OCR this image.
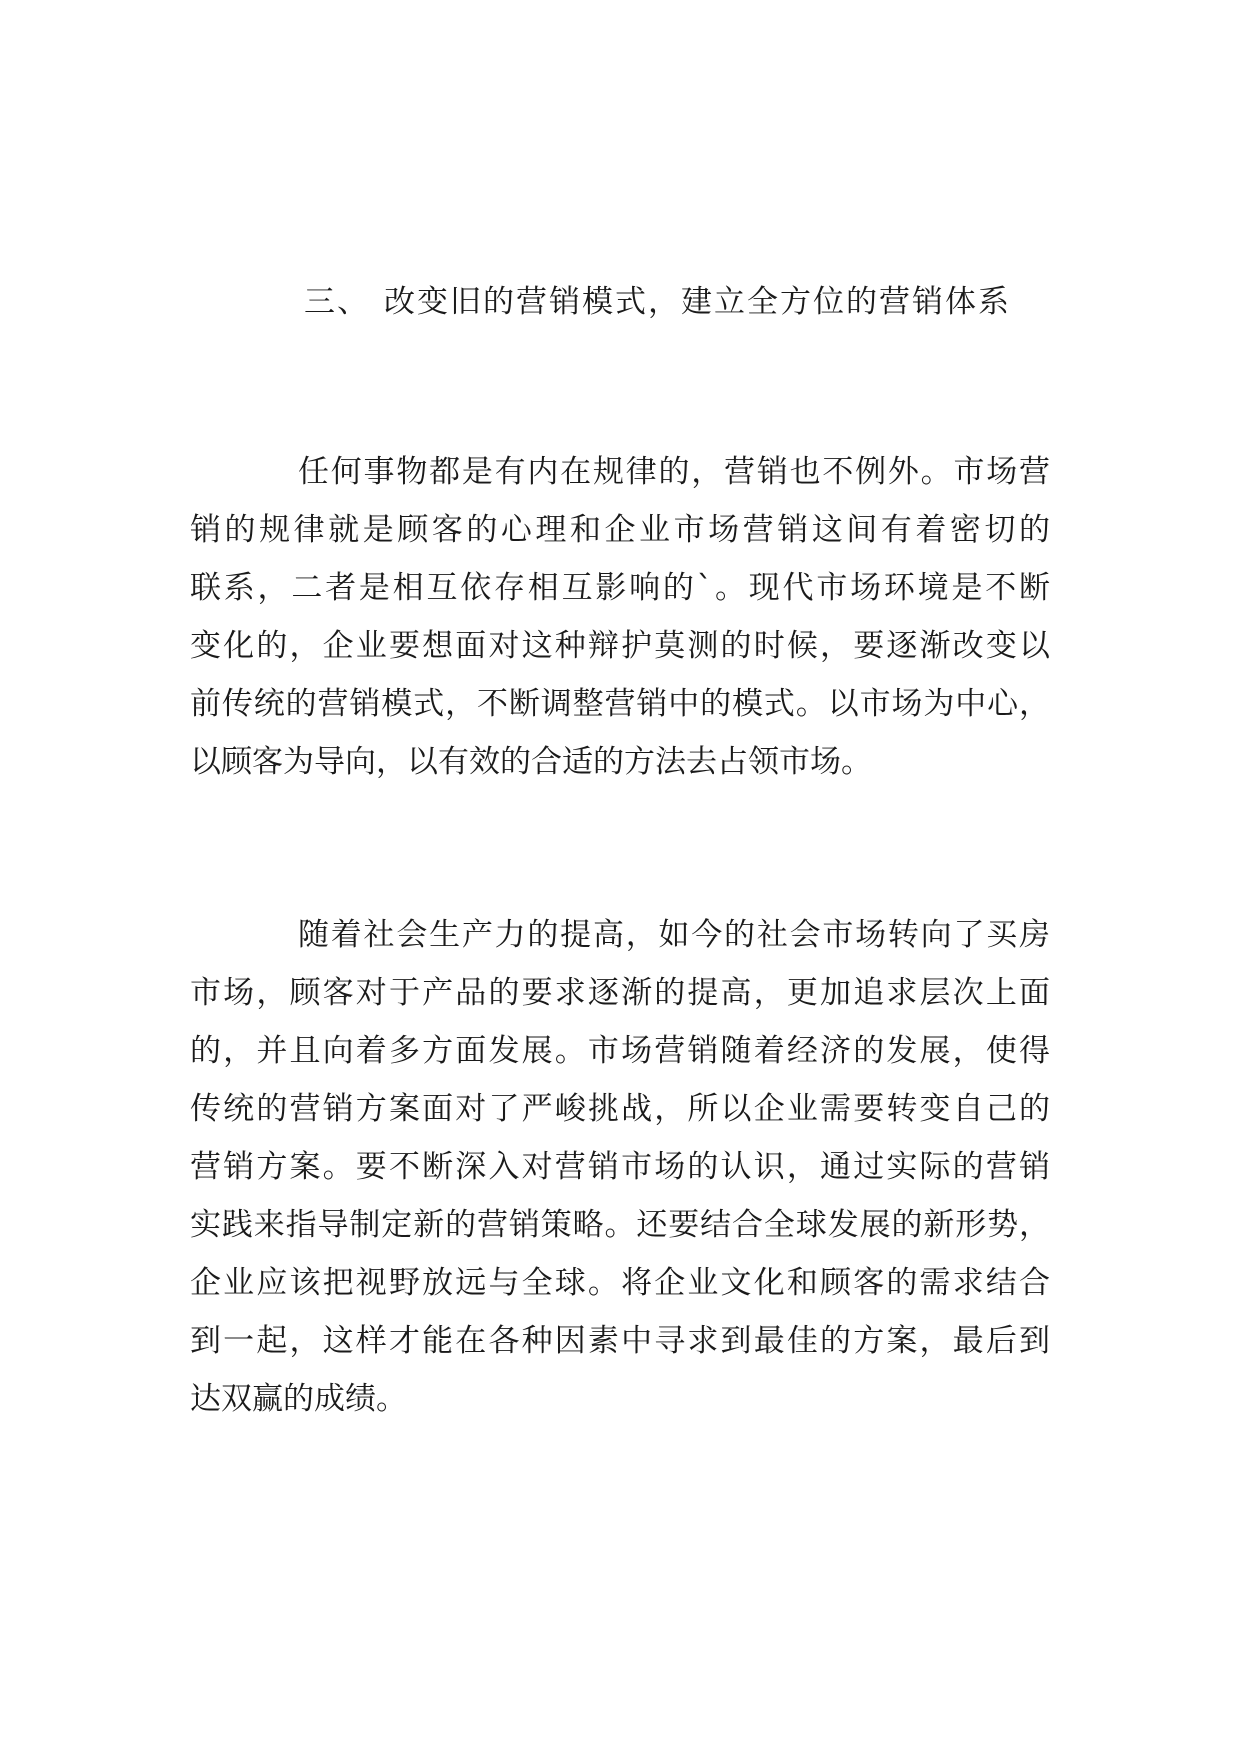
三、 改变旧的营销模式，建立全方位的营销体系
任何事物都是有内在规律的，营销也不例外。市场营
销的规律就是顾客的心理和企业市场营销这间有着密切的
联系，二者是相互依存相互影响的`。现代市场环境是不断
变化的，企业要想面对这种辩护莫测的时候，要逐渐改变以
前传统的营销模式，不断调整营销中的模式。以市场为中心，
以顾客为导向，以有效的合适的方法去占领市场。
随着社会生产力的提高，如今的社会市场转向了买房
市场，顾客对于产品的要求逐渐的提高，更加追求层次上面
的，并且向着多方面发展。市场营销随着经济的发展，使得
传统的营销方案面对了严峻挑战，所以企业需要转变自己的
营销方案。要不断深入对营销市场的认识，通过实际的营销
实践来指导制定新的营销策略。还要结合全球发展的新形势，
企业应该把视野放远与全球。将企业文化和顾客的需求结合
到一起，这样才能在各种因素中寻求到最佳的方案，最后到
达双赢的成绩。
